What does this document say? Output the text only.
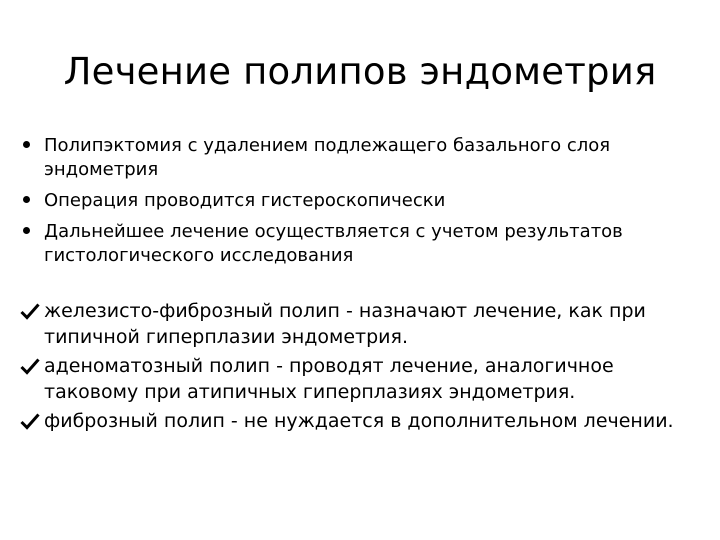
Лечение полипов эндометрия
Полипэктомия с удалением подлежащего базального слоя эндометрия
Операция проводится гистероскопически
Дальнейшее лечение осуществляется с учетом результатов гистологического исследования
железисто-фиброзный полип - назначают лечение, как при типичной гиперплазии эндометрия.
аденоматозный полип - проводят лечение, аналогичное таковому при атипичных гиперплазиях эндометрия.
фиброзный полип - не нуждается в дополнительном лечении.
